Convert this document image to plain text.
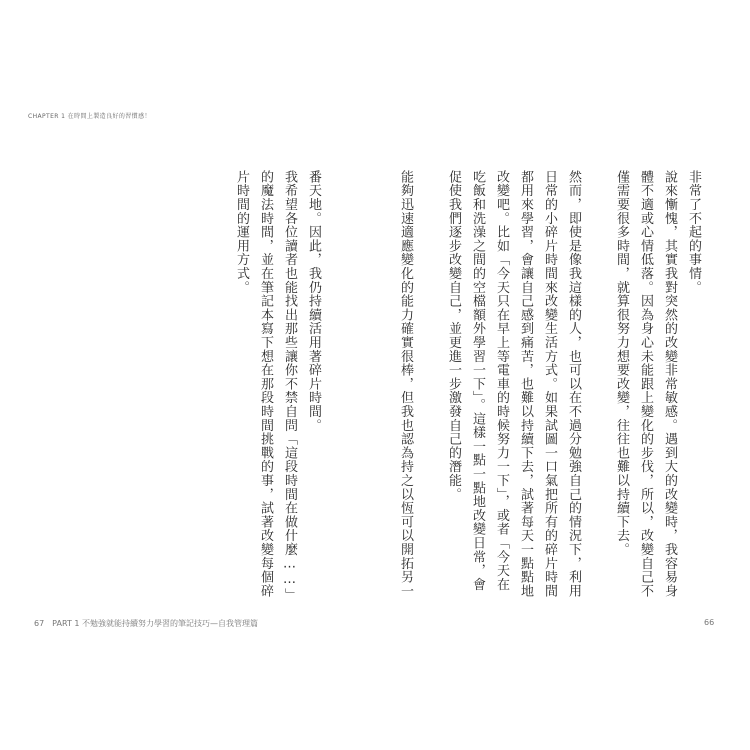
CHAPTER 1 在時間上製造良好的習慣感！

非常了不起的事情。

說來慚愧，其實我對突然的改變非常敏感。遇到大的改變時，我容易身體不適或心情低落。因為身心未能跟上變化的步伐，所以，改變自己不僅需要很多時間，就算很努力想要改變，往往也難以持續下去。

然而，即使是像我這樣的人，也可以在不過分勉強自己的情況下，利用日常的小碎片時間來改變生活方式。如果試圖一口氣把所有的碎片時間都用來學習，會讓自己感到痛苦，也難以持續下去，試著每天一點點地改變吧。比如「今天只在早上等電車的時候努力一下」，或者「今天在吃飯和洗澡之間的空檔額外學習一下」。這樣一點一點地改變日常，會促使我們逐步改變自己，並更進一步激發自己的潛能。

能夠迅速適應變化的能力確實很棒，但我也認為持之以恆可以開拓另一

番天地。因此，我仍持續活用著碎片時間。

我希望各位讀者也能找出那些讓你不禁自問「這段時間在做什麼……」的魔法時間，並在筆記本寫下想在那段時間挑戰的事，試著改變每個碎片時間的運用方式。

67　PART 1 不勉強就能持續努力學習的筆記技巧—自我管理篇	66
